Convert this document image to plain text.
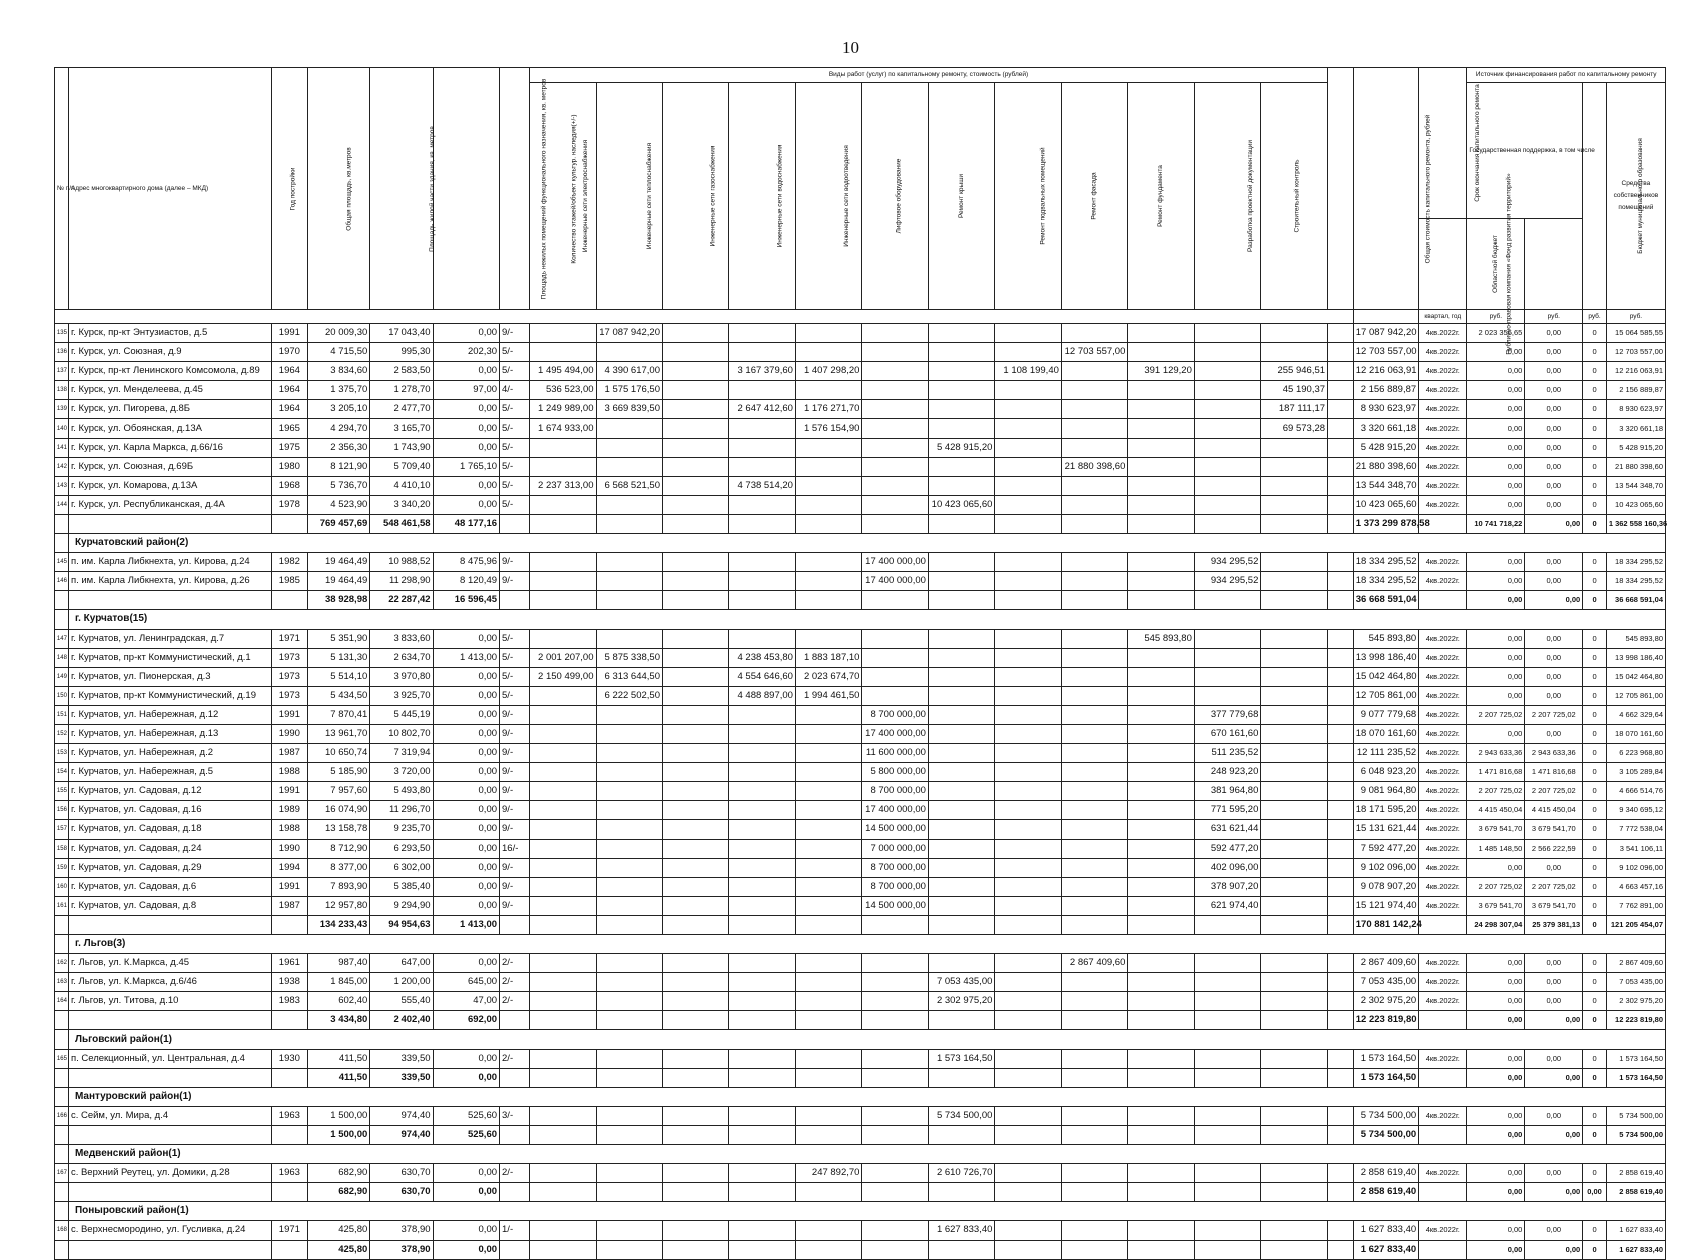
10
№ п/п	Адрес многоквартирного дома (далее – МКД)	Год постройки	Общая площадь, кв.метров	Площадь жилой части здания, кв. метров	Площадь нежилых помещений функционального назначения, кв. метров	Количество этажей/объект культур. наследия(+/-)	Виды работ (услуг) по капитальному ремонту, стоимость (рублей)													Общая стоимость капитального ремонта, рублей	Срок окончания капитального ремонта	Источник финансирования работ по капитальному ремонту			
							Инженерные сети электроснабжения	Инженерные сети теплоснабжения	Инженерные сети газоснабжения	Инженерные сети водоснабжения	Инженерные сети водоотведения	Лифтовое оборудование	Ремонт крыши	Ремонт подвальных помещений	Ремонт фасада	Ремонт фундамента	Разработка проектной документации	Строительный контроль				Государственная поддержка, в том числе		Бюджет муниципального образования	Средства собственников помещений
																					Публично-правовая компания «Фонд развития территорий»	Областной бюджет			
																					квартал, год	руб.	руб.	руб.	руб.
135	г. Курск, пр-кт Энтузиастов, д.5	1991	20 009,30	17 043,40	0,00	9/-		17 087 942,20												17 087 942,20	4кв.2022г.	2 023 356,65	0,00	0	15 064 585,55
136	г. Курск, ул. Союзная, д.9	1970	4 715,50	995,30	202,30	5/-									12 703 557,00					12 703 557,00	4кв.2022г.	0,00	0,00	0	12 703 557,00
137	г. Курск, пр-кт Ленинского Комсомола, д.89	1964	3 834,60	2 583,50	0,00	5/-	1 495 494,00	4 390 617,00		3 167 379,60	1 407 298,20			1 108 199,40		391 129,20		255 946,51		12 216 063,91	4кв.2022г.	0,00	0,00	0	12 216 063,91
138	г. Курск, ул. Менделеева, д.45	1964	1 375,70	1 278,70	97,00	4/-	536 523,00	1 575 176,50										45 190,37		2 156 889,87	4кв.2022г.	0,00	0,00	0	2 156 889,87
139	г. Курск, ул. Пигорева, д.8Б	1964	3 205,10	2 477,70	0,00	5/-	1 249 989,00	3 669 839,50		2 647 412,60	1 176 271,70							187 111,17		8 930 623,97	4кв.2022г.	0,00	0,00	0	8 930 623,97
140	г. Курск, ул. Обоянская, д.13А	1965	4 294,70	3 165,70	0,00	5/-	1 674 933,00				1 576 154,90							69 573,28		3 320 661,18	4кв.2022г.	0,00	0,00	0	3 320 661,18
141	г. Курск, ул. Карла Маркса, д.66/16	1975	2 356,30	1 743,90	0,00	5/-							5 428 915,20							5 428 915,20	4кв.2022г.	0,00	0,00	0	5 428 915,20
142	г. Курск, ул. Союзная, д.69Б	1980	8 121,90	5 709,40	1 765,10	5/-									21 880 398,60					21 880 398,60	4кв.2022г.	0,00	0,00	0	21 880 398,60
143	г. Курск, ул. Комарова, д.13А	1968	5 736,70	4 410,10	0,00	5/-	2 237 313,00	6 568 521,50		4 738 514,20										13 544 348,70	4кв.2022г.	0,00	0,00	0	13 544 348,70
144	г. Курск, ул. Республиканская, д.4А	1978	4 523,90	3 340,20	0,00	5/-							10 423 065,60							10 423 065,60	4кв.2022г.	0,00	0,00	0	10 423 065,60
			769 457,69	548 461,58	48 177,16															1 373 299 878,58		10 741 718,22	0,00	0	1 362 558 160,36
	Курчатовский район(2)																								
145	п. им. Карла Либкнехта, ул. Кирова, д.24	1982	19 464,49	10 988,52	8 475,96	9/-						17 400 000,00					934 295,52			18 334 295,52	4кв.2022г.	0,00	0,00	0	18 334 295,52
146	п. им. Карла Либкнехта, ул. Кирова, д.26	1985	19 464,49	11 298,90	8 120,49	9/-						17 400 000,00					934 295,52			18 334 295,52	4кв.2022г.	0,00	0,00	0	18 334 295,52
			38 928,98	22 287,42	16 596,45															36 668 591,04		0,00	0,00	0	36 668 591,04
	г. Курчатов(15)																								
147	г. Курчатов, ул. Ленинградская, д.7	1971	5 351,90	3 833,60	0,00	5/-										545 893,80				545 893,80	4кв.2022г.	0,00	0,00	0	545 893,80
148	г. Курчатов, пр-кт Коммунистический, д.1	1973	5 131,30	2 634,70	1 413,00	5/-	2 001 207,00	5 875 338,50		4 238 453,80	1 883 187,10									13 998 186,40	4кв.2022г.	0,00	0,00	0	13 998 186,40
149	г. Курчатов, ул. Пионерская, д.3	1973	5 514,10	3 970,80	0,00	5/-	2 150 499,00	6 313 644,50		4 554 646,60	2 023 674,70									15 042 464,80	4кв.2022г.	0,00	0,00	0	15 042 464,80
150	г. Курчатов, пр-кт Коммунистический, д.19	1973	5 434,50	3 925,70	0,00	5/-		6 222 502,50		4 488 897,00	1 994 461,50									12 705 861,00	4кв.2022г.	0,00	0,00	0	12 705 861,00
151	г. Курчатов, ул. Набережная, д.12	1991	7 870,41	5 445,19	0,00	9/-						8 700 000,00					377 779,68			9 077 779,68	4кв.2022г.	2 207 725,02	2 207 725,02	0	4 662 329,64
152	г. Курчатов, ул. Набережная, д.13	1990	13 961,70	10 802,70	0,00	9/-						17 400 000,00					670 161,60			18 070 161,60	4кв.2022г.	0,00	0,00	0	18 070 161,60
153	г. Курчатов, ул. Набережная, д.2	1987	10 650,74	7 319,94	0,00	9/-						11 600 000,00					511 235,52			12 111 235,52	4кв.2022г.	2 943 633,36	2 943 633,36	0	6 223 968,80
154	г. Курчатов, ул. Набережная, д.5	1988	5 185,90	3 720,00	0,00	9/-						5 800 000,00					248 923,20			6 048 923,20	4кв.2022г.	1 471 816,68	1 471 816,68	0	3 105 289,84
155	г. Курчатов, ул. Садовая, д.12	1991	7 957,60	5 493,80	0,00	9/-						8 700 000,00					381 964,80			9 081 964,80	4кв.2022г.	2 207 725,02	2 207 725,02	0	4 666 514,76
156	г. Курчатов, ул. Садовая, д.16	1989	16 074,90	11 296,70	0,00	9/-						17 400 000,00					771 595,20			18 171 595,20	4кв.2022г.	4 415 450,04	4 415 450,04	0	9 340 695,12
157	г. Курчатов, ул. Садовая, д.18	1988	13 158,78	9 235,70	0,00	9/-						14 500 000,00					631 621,44			15 131 621,44	4кв.2022г.	3 679 541,70	3 679 541,70	0	7 772 538,04
158	г. Курчатов, ул. Садовая, д.24	1990	8 712,90	6 293,50	0,00	16/-						7 000 000,00					592 477,20			7 592 477,20	4кв.2022г.	1 485 148,50	2 566 222,59	0	3 541 106,11
159	г. Курчатов, ул. Садовая, д.29	1994	8 377,00	6 302,00	0,00	9/-						8 700 000,00					402 096,00			9 102 096,00	4кв.2022г.	0,00	0,00	0	9 102 096,00
160	г. Курчатов, ул. Садовая, д.6	1991	7 893,90	5 385,40	0,00	9/-						8 700 000,00					378 907,20			9 078 907,20	4кв.2022г.	2 207 725,02	2 207 725,02	0	4 663 457,16
161	г. Курчатов, ул. Садовая, д.8	1987	12 957,80	9 294,90	0,00	9/-						14 500 000,00					621 974,40			15 121 974,40	4кв.2022г.	3 679 541,70	3 679 541,70	0	7 762 891,00
			134 233,43	94 954,63	1 413,00															170 881 142,24		24 298 307,04	25 379 381,13	0	121 205 454,07
	г. Льгов(3)																								
162	г. Льгов, ул. К.Маркса, д.45	1961	987,40	647,00	0,00	2/-									2 867 409,60					2 867 409,60	4кв.2022г.	0,00	0,00	0	2 867 409,60
163	г. Льгов, ул. К.Маркса, д.6/46	1938	1 845,00	1 200,00	645,00	2/-							7 053 435,00							7 053 435,00	4кв.2022г.	0,00	0,00	0	7 053 435,00
164	г. Льгов, ул. Титова, д.10	1983	602,40	555,40	47,00	2/-							2 302 975,20							2 302 975,20	4кв.2022г.	0,00	0,00	0	2 302 975,20
			3 434,80	2 402,40	692,00															12 223 819,80		0,00	0,00	0	12 223 819,80
	Льговский район(1)																								
165	п. Селекционный, ул. Центральная, д.4	1930	411,50	339,50	0,00	2/-							1 573 164,50							1 573 164,50	4кв.2022г.	0,00	0,00	0	1 573 164,50
			411,50	339,50	0,00															1 573 164,50		0,00	0,00	0	1 573 164,50
	Мантуровский район(1)																								
166	с. Сейм, ул. Мира, д.4	1963	1 500,00	974,40	525,60	3/-							5 734 500,00							5 734 500,00	4кв.2022г.	0,00	0,00	0	5 734 500,00
			1 500,00	974,40	525,60															5 734 500,00		0,00	0,00	0	5 734 500,00
	Медвенский район(1)																								
167	с. Верхний Реутец, ул. Домики, д.28	1963	682,90	630,70	0,00	2/-					247 892,70		2 610 726,70							2 858 619,40	4кв.2022г.	0,00	0,00	0	2 858 619,40
			682,90	630,70	0,00															2 858 619,40		0,00	0,00	0,00	2 858 619,40
	Поныровский район(1)																								
168	с. Верхнесмородино, ул. Гусливка, д.24	1971	425,80	378,90	0,00	1/-							1 627 833,40							1 627 833,40	4кв.2022г.	0,00	0,00	0	1 627 833,40
			425,80	378,90	0,00															1 627 833,40		0,00	0,00	0	1 627 833,40
